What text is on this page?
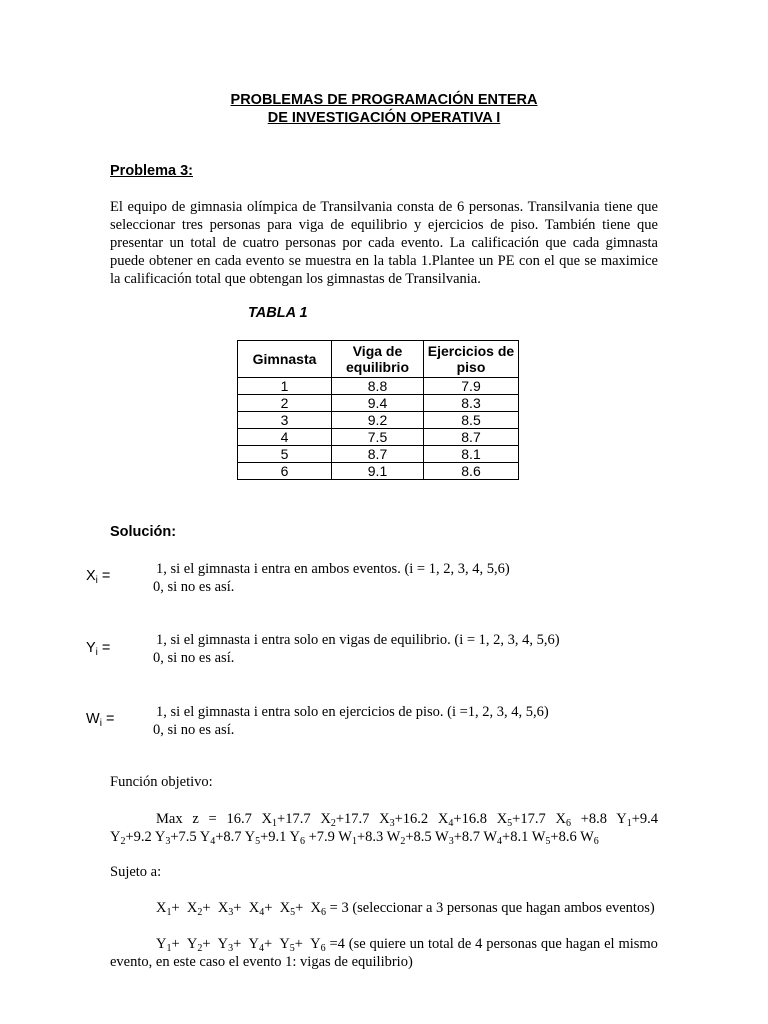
PROBLEMAS DE PROGRAMACIÓN ENTERA
DE INVESTIGACIÓN OPERATIVA I
Problema 3:
El equipo de gimnasia olímpica de Transilvania consta de 6 personas. Transilvania tiene que seleccionar tres personas para viga de equilibrio y ejercicios de piso. También tiene que presentar un total de cuatro personas por cada evento. La calificación que cada gimnasta puede obtener en cada evento se muestra en la tabla 1.Plantee un PE con el que se maximice la calificación total que obtengan los gimnastas de Transilvania.
TABLA 1
Gimnasta	Viga de equilibrio	Ejercicios de piso
1	8.8	7.9
2	9.4	8.3
3	9.2	8.5
4	7.5	8.7
5	8.7	8.1
6	9.1	8.6
Solución:
$X_i$ =	1, si el gimnasta i entra en ambos eventos. (i = 1, 2, 3, 4, 5,6)
0, si no es así.
$Y_i$ =	1, si el gimnasta i entra solo en vigas de equilibrio. (i = 1, 2, 3, 4, 5,6)
0, si no es así.
$W_i$ =	1, si el gimnasta i entra solo en ejercicios de piso. (i =1, 2, 3, 4, 5,6)
0, si no es así.
Función objetivo:
Max  z  =  16.7  $X_1+17.7$  $X_2+17.7$  $X_3+16.2$  $X_4+16.8$  $X_5+17.7$  $X_6 +8.8$  $Y_1+9.4$ $Y_2+9.2$ $Y_3+7.5$ $Y_4+8.7$ $Y_5+9.1$ $Y_6 +7.9$ $W_1+8.3$ $W_2+8.5$ $W_3+8.7$ $W_4+8.1$ $W_5+8.6$ $W_6$
Sujeto a:
$X_1+ X_2+ X_3+ X_4+ X_5+ X_6 = 3$ (seleccionar a 3 personas que hagan ambos eventos)
$Y_1+ Y_2+ Y_3+ Y_4+ Y_5+ Y_6 =4$ (se quiere un total de 4 personas que hagan el mismo evento, en este caso el evento 1: vigas de equilibrio)
